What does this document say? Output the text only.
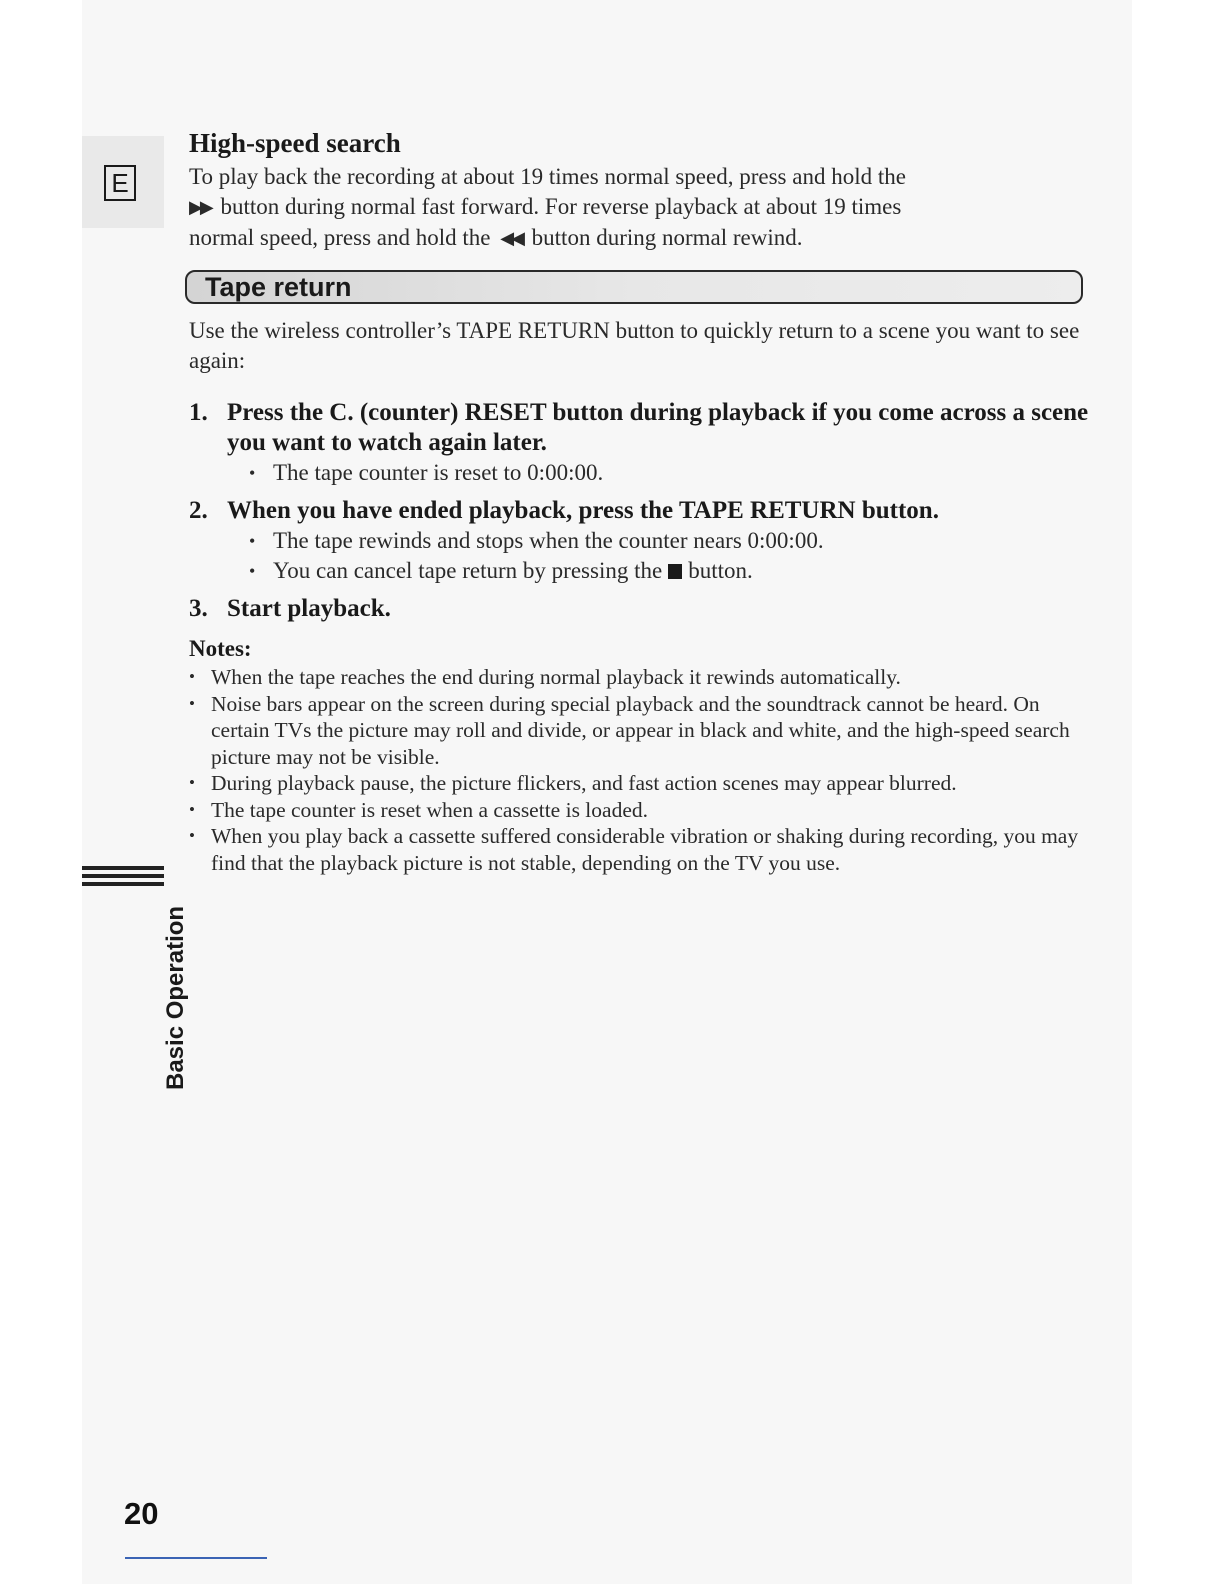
E
High-speed search

To play back the recording at about 19 times normal speed, press and hold the
▶▶ button during normal fast forward. For reverse playback at about 19 times
normal speed, press and hold the ◀◀ button during normal rewind.

Tape return

Use the wireless controller’s TAPE RETURN button to quickly return to a scene you want to see again:

1. Press the C. (counter) RESET button during playback if you come across a scene you want to watch again later.

• The tape counter is reset to 0:00:00.
2. When you have ended playback, press the TAPE RETURN button.

• The tape rewinds and stops when the counter nears 0:00:00.
• You can cancel tape return by pressing the button.
3. Start playback.

Notes:

• When the tape reaches the end during normal playback it rewinds automatically.
• Noise bars appear on the screen during special playback and the soundtrack cannot be heard. On certain TVs the picture may roll and divide, or appear in black and white, and the high-speed search picture may not be visible.
• During playback pause, the picture flickers, and fast action scenes may appear blurred.
• The tape counter is reset when a cassette is loaded.
• When you play back a cassette suffered considerable vibration or shaking during recording, you may find that the playback picture is not stable, depending on the TV you use.
Basic Operation
20
